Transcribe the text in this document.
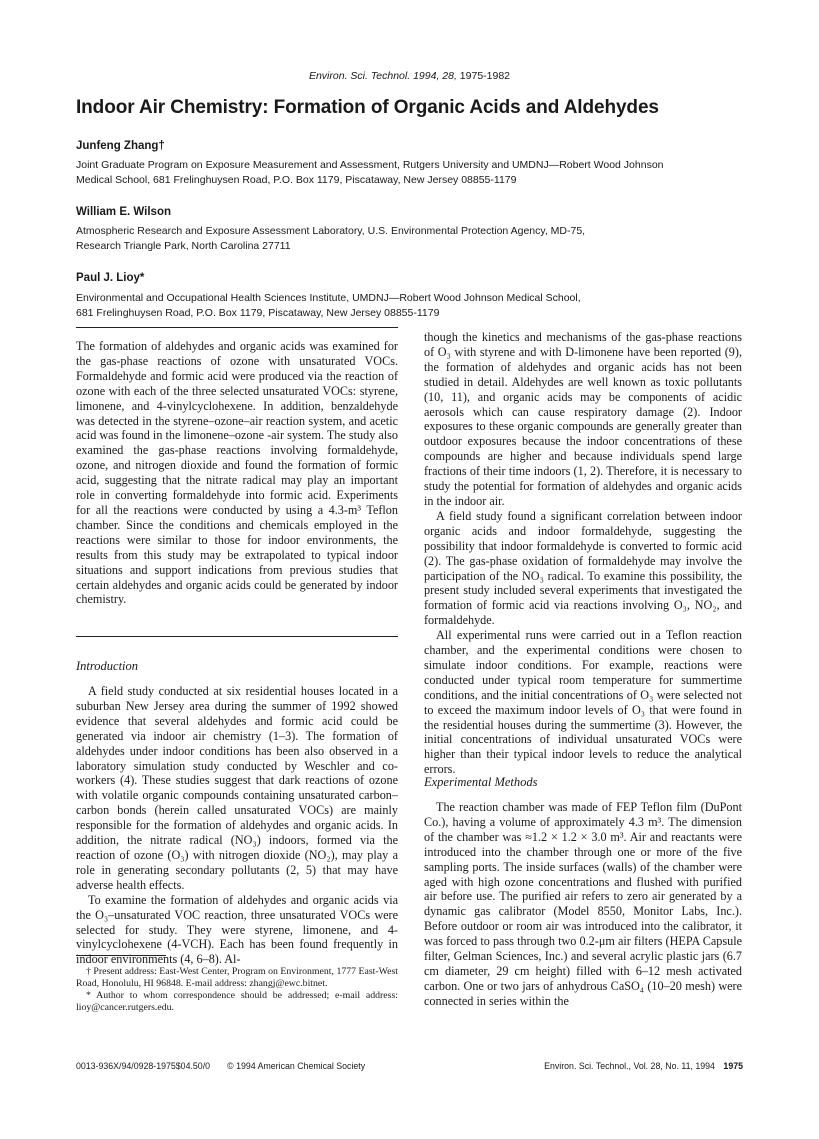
Environ. Sci. Technol. 1994, 28, 1975-1982
Indoor Air Chemistry: Formation of Organic Acids and Aldehydes
Junfeng Zhang†
Joint Graduate Program on Exposure Measurement and Assessment, Rutgers University and UMDNJ—Robert Wood Johnson
Medical School, 681 Frelinghuysen Road, P.O. Box 1179, Piscataway, New Jersey 08855-1179
William E. Wilson
Atmospheric Research and Exposure Assessment Laboratory, U.S. Environmental Protection Agency, MD-75,
Research Triangle Park, North Carolina 27711
Paul J. Lioy*
Environmental and Occupational Health Sciences Institute, UMDNJ—Robert Wood Johnson Medical School,
681 Frelinghuysen Road, P.O. Box 1179, Piscataway, New Jersey 08855-1179

The formation of aldehydes and organic acids was examined for the gas-phase reactions of ozone with unsaturated VOCs. Formaldehyde and formic acid were produced via the reaction of ozone with each of the three selected unsaturated VOCs: styrene, limonene, and 4-vinylcyclohexene. In addition, benzaldehyde was detected in the styrene–ozone–air reaction system, and acetic acid was found in the limonene–ozone -air system. The study also examined the gas-phase reactions involving formaldehyde, ozone, and nitrogen dioxide and found the formation of formic acid, suggesting that the nitrate radical may play an important role in converting formaldehyde into formic acid. Experiments for all the reactions were conducted by using a 4.3-m³ Teflon chamber. Since the conditions and chemicals employed in the reactions were similar to those for indoor environments, the results from this study may be extrapolated to typical indoor situations and support indications from previous studies that certain aldehydes and organic acids could be generated by indoor chemistry.

Introduction

A field study conducted at six residential houses located in a suburban New Jersey area during the summer of 1992 showed evidence that several aldehydes and formic acid could be generated via indoor air chemistry (1–3). The formation of aldehydes under indoor conditions has been also observed in a laboratory simulation study conducted by Weschler and co-workers (4). These studies suggest that dark reactions of ozone with volatile organic compounds containing unsaturated carbon–carbon bonds (herein called unsaturated VOCs) are mainly responsible for the formation of aldehydes and organic acids. In addition, the nitrate radical (NO₃) indoors, formed via the reaction of ozone (O₃) with nitrogen dioxide (NO₂), may play a role in generating secondary pollutants (2, 5) that may have adverse health effects.

To examine the formation of aldehydes and organic acids via the O₃–unsaturated VOC reaction, three unsaturated VOCs were selected for study. They were styrene, limonene, and 4-vinylcyclohexene (4-VCH). Each has been found frequently in indoor environments (4, 6–8). Al-

† Present address: East-West Center, Program on Environment, 1777 East-West Road, Honolulu, HI 96848. E-mail address: zhangj@ewc.bitnet.

* Author to whom correspondence should be addressed; e-mail address: lioy@cancer.rutgers.edu.

though the kinetics and mechanisms of the gas-phase reactions of O₃ with styrene and with D-limonene have been reported (9), the formation of aldehydes and organic acids has not been studied in detail. Aldehydes are well known as toxic pollutants (10, 11), and organic acids may be components of acidic aerosols which can cause respiratory damage (2). Indoor exposures to these organic compounds are generally greater than outdoor exposures because the indoor concentrations of these compounds are higher and because individuals spend large fractions of their time indoors (1, 2). Therefore, it is necessary to study the potential for formation of aldehydes and organic acids in the indoor air.

A field study found a significant correlation between indoor organic acids and indoor formaldehyde, suggesting the possibility that indoor formaldehyde is converted to formic acid (2). The gas-phase oxidation of formaldehyde may involve the participation of the NO₃ radical. To examine this possibility, the present study included several experiments that investigated the formation of formic acid via reactions involving O₃, NO₂, and formaldehyde.

All experimental runs were carried out in a Teflon reaction chamber, and the experimental conditions were chosen to simulate indoor conditions. For example, reactions were conducted under typical room temperature for summertime conditions, and the initial concentrations of O₃ were selected not to exceed the maximum indoor levels of O₃ that were found in the residential houses during the summertime (3). However, the initial concentrations of individual unsaturated VOCs were higher than their typical indoor levels to reduce the analytical errors.

Experimental Methods

The reaction chamber was made of FEP Teflon film (DuPont Co.), having a volume of approximately 4.3 m³. The dimension of the chamber was ≈1.2 × 1.2 × 3.0 m³. Air and reactants were introduced into the chamber through one or more of the five sampling ports. The inside surfaces (walls) of the chamber were aged with high ozone concentrations and flushed with purified air before use. The purified air refers to zero air generated by a dynamic gas calibrator (Model 8550, Monitor Labs, Inc.). Before outdoor or room air was introduced into the calibrator, it was forced to pass through two 0.2-μm air filters (HEPA Capsule filter, Gelman Sciences, Inc.) and several acrylic plastic jars (6.7 cm diameter, 29 cm height) filled with 6–12 mesh activated carbon. One or two jars of anhydrous CaSO₄ (10–20 mesh) were connected in series within the

0013-936X/94/0928-1975$04.50/0 © 1994 American Chemical Society	Environ. Sci. Technol., Vol. 28, No. 11, 1994 1975
